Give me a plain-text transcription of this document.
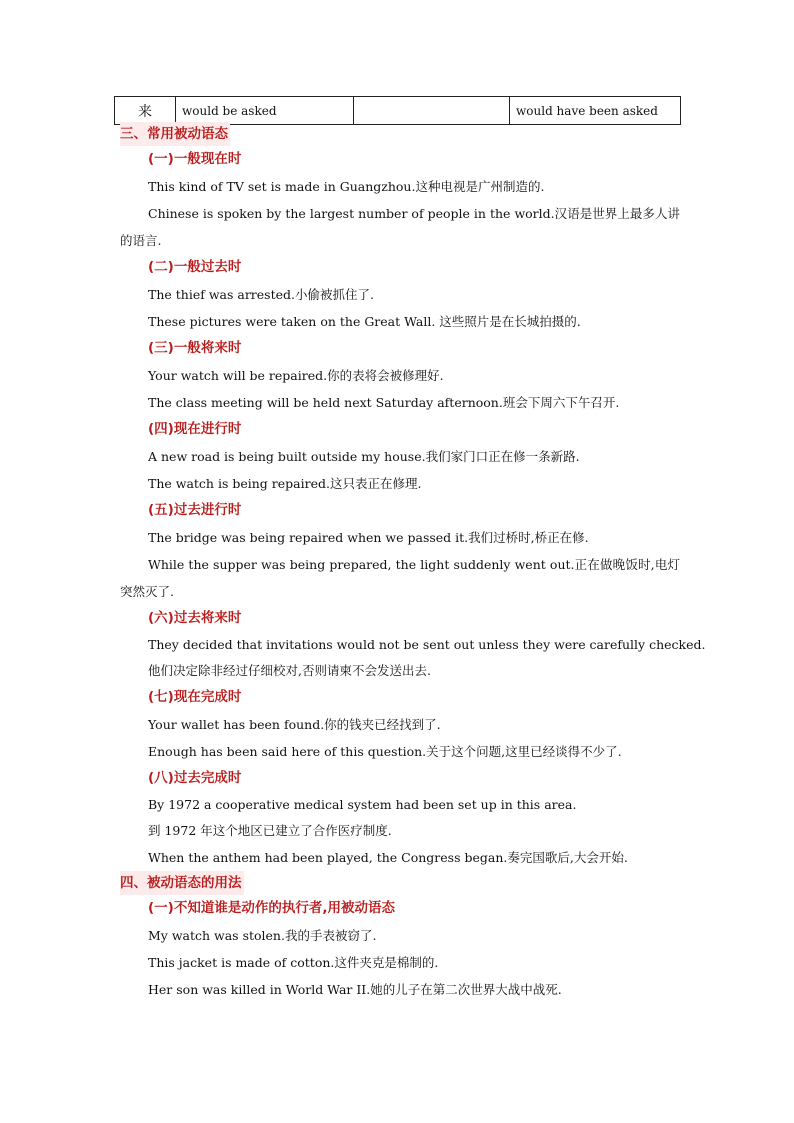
来	would be asked		would have been asked
三、常用被动语态
(一)一般现在时
This kind of TV set is made in Guangzhou.这种电视是广州制造的.
Chinese is spoken by the largest number of people in the world.汉语是世界上最多人讲的语言.
(二)一般过去时
The thief was arrested.小偷被抓住了.
These pictures were taken on the Great Wall. 这些照片是在长城拍摄的.
(三)一般将来时
Your watch will be repaired.你的表将会被修理好.
The class meeting will be held next Saturday afternoon.班会下周六下午召开.
(四)现在进行时
A new road is being built outside my house.我们家门口正在修一条新路.
The watch is being repaired.这只表正在修理.
(五)过去进行时
The bridge was being repaired when we passed it.我们过桥时,桥正在修.
While the supper was being prepared, the light suddenly went out.正在做晚饭时,电灯突然灭了.
(六)过去将来时
They decided that invitations would not be sent out unless they were carefully checked.
他们决定除非经过仔细校对,否则请柬不会发送出去.
(七)现在完成时
Your wallet has been found.你的钱夹已经找到了.
Enough has been said here of this question.关于这个问题,这里已经谈得不少了.
(八)过去完成时
By 1972 a cooperative medical system had been set up in this area.
到 1972 年这个地区已建立了合作医疗制度.
When the anthem had been played, the Congress began.奏完国歌后,大会开始.
四、被动语态的用法
(一)不知道谁是动作的执行者,用被动语态
My watch was stolen.我的手表被窃了.
This jacket is made of cotton.这件夹克是棉制的.
Her son was killed in World War II.她的儿子在第二次世界大战中战死.
